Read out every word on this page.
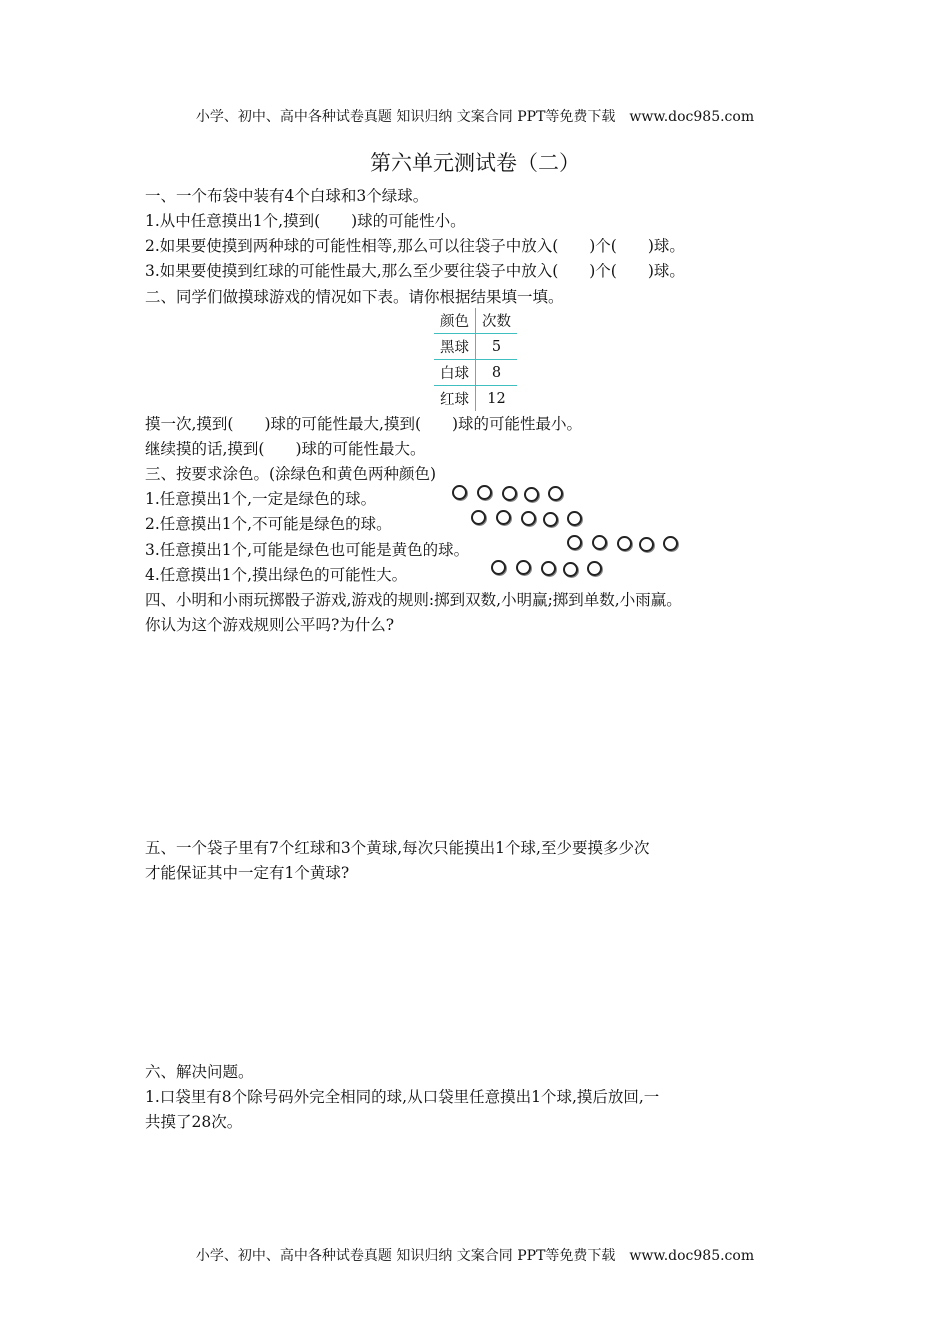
小学、初中、高中各种试卷真题 知识归纳 文案合同 PPT等免费下载　www.doc985.com
第六单元测试卷（二）
一、一个布袋中装有4个白球和3个绿球。
1.从中任意摸出1个,摸到(　　)球的可能性小。
2.如果要使摸到两种球的可能性相等,那么可以往袋子中放入(　　)个(　　)球。
3.如果要使摸到红球的可能性最大,那么至少要往袋子中放入(　　)个(　　)球。
二、同学们做摸球游戏的情况如下表。请你根据结果填一填。
颜色	次数
黑球	5
白球	8
红球	12
摸一次,摸到(　　)球的可能性最大,摸到(　　)球的可能性最小。
继续摸的话,摸到(　　)球的可能性最大。
三、按要求涂色。(涂绿色和黄色两种颜色)
1.任意摸出1个,一定是绿色的球。
2.任意摸出1个,不可能是绿色的球。
3.任意摸出1个,可能是绿色也可能是黄色的球。
4.任意摸出1个,摸出绿色的可能性大。
四、小明和小雨玩掷骰子游戏,游戏的规则:掷到双数,小明赢;掷到单数,小雨赢。
你认为这个游戏规则公平吗?为什么?
五、一个袋子里有7个红球和3个黄球,每次只能摸出1个球,至少要摸多少次
才能保证其中一定有1个黄球?
六、解决问题。
1.口袋里有8个除号码外完全相同的球,从口袋里任意摸出1个球,摸后放回,一
共摸了28次。
小学、初中、高中各种试卷真题 知识归纳 文案合同 PPT等免费下载　www.doc985.com
